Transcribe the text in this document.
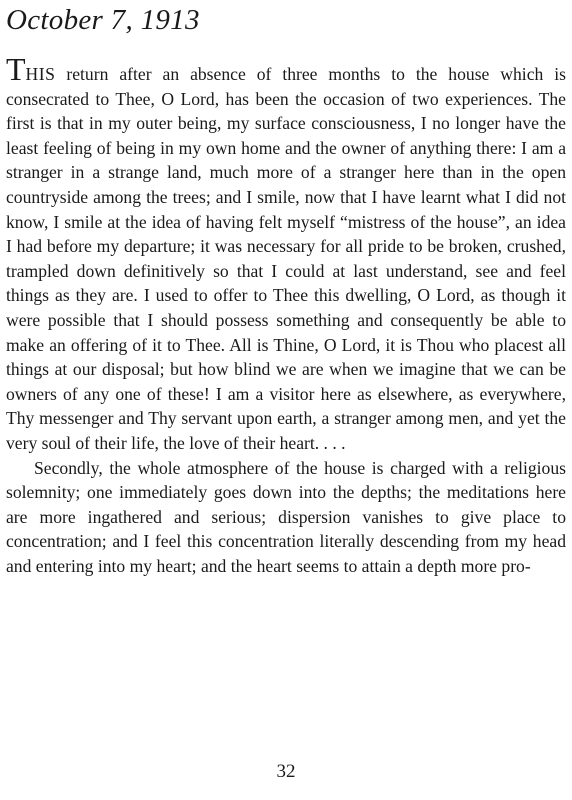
October 7, 1913

THIS return after an absence of three months to the house which is consecrated to Thee, O Lord, has been the occasion of two experiences. The first is that in my outer being, my surface consciousness, I no longer have the least feeling of being in my own home and the owner of anything there: I am a stranger in a strange land, much more of a stranger here than in the open countryside among the trees; and I smile, now that I have learnt what I did not know, I smile at the idea of having felt myself “mistress of the house”, an idea I had before my departure; it was necessary for all pride to be broken, crushed, trampled down definitively so that I could at last understand, see and feel things as they are. I used to offer to Thee this dwelling, O Lord, as though it were possible that I should possess something and consequently be able to make an offering of it to Thee. All is Thine, O Lord, it is Thou who placest all things at our disposal; but how blind we are when we imagine that we can be owners of any one of these! I am a visitor here as elsewhere, as everywhere, Thy messenger and Thy servant upon earth, a stranger among men, and yet the very soul of their life, the love of their heart. . . .

Secondly, the whole atmosphere of the house is charged with a religious solemnity; one immediately goes down into the depths; the meditations here are more ingathered and serious; dispersion vanishes to give place to concentration; and I feel this concentration literally descending from my head and entering into my heart; and the heart seems to attain a depth more pro-

32
